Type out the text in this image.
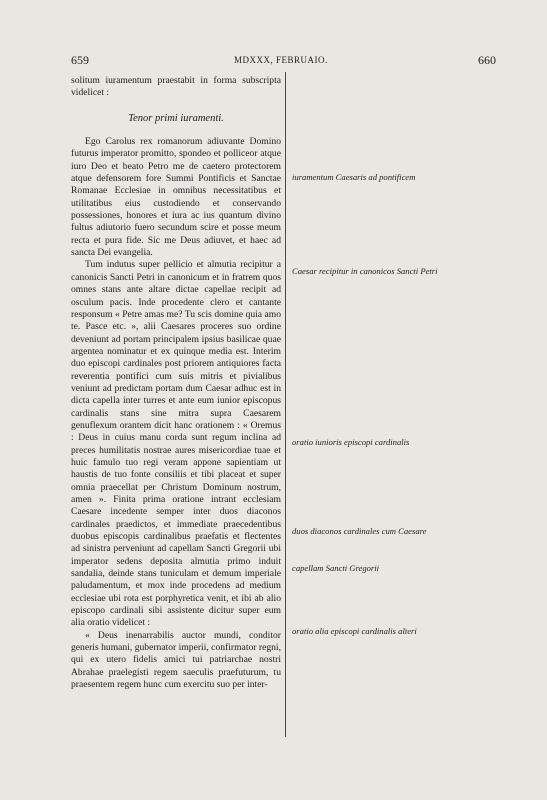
659	MDXXX, FEBRUAIO.	660

solitum iuramentum praestabit in forma subscripta videlicet :

Tenor primi iuramenti.

Ego Carolus rex romanorum adiuvante Domino futurus imperator promitto, spondeo et polliceor atque iuro Deo et beato Petro me de caetero protectorem atque defensorem fore Summi Pontificis et Sanctae Romanae Ecclesiae in omnibus necessitatibus et utilitatibus eius custodiendo et conservando possessiones, honores et iura ac ius quantum divino fultus adiutorio fuero secundum scire et posse meum recta et pura fide. Sic me Deus adiuvet, et haec ad sancta Dei evangelia.

Tum indutus super pellicio et almutia recipitur a canonicis Sancti Petri in canonicum et in fratrem quos omnes stans ante altare dictae capellae recipit ad osculum pacis. Inde procedente clero et cantante responsum « Petre amas me? Tu scis domine quia amo te. Pasce etc. », alii Caesares proceres suo ordine deveniunt ad portam principalem ipsius basilicae quae argentea nominatur et ex quinque media est. Interim duo episcopi cardinales post priorem antiquiores facta reverentia pontifici cum suis mitris et pivialibus veniunt ad predictam portam dum Caesar adhuc est in dicta capella inter turres et ante eum iunior episcopus cardinalis stans sine mitra supra Caesarem genuflexum orantem dicit hanc orationem : « Oremus : Deus in cuius manu corda sunt regum inclina ad preces humilitatis nostrae aures misericordiae tuae et huic famulo tuo regi veram appone sapientiam ut haustis de tuo fonte consiliis et tibi placeat et super omnia praecellat per Christum Dominum nostrum, amen ». Finita prima oratione intrant ecclesiam Caesare incedente semper inter duos diaconos cardinales praedictos, et immediate praecedentibus duobus episcopis cardinalibus praefatis et flectentes ad sinistra perveniunt ad capellam Sancti Gregorii ubi imperator sedens deposita almutia primo induit sandalia, deinde stans tuniculam et demum imperiale paludamentum, et mox inde procedens ad medium ecclesiae ubi rota est porphyretica venit, et ibi ab alio episcopo cardinali sibi assistente dicitur super eum alia oratio videlicet :

« Deus inenarrabilis auctor mundi, conditor generis humani, gubernator imperii, confirmator regni, qui ex utero fidelis amici tui patriarchae nostri Abrahae praelegisti regem saeculis praefuturum, tu praesentem regem hunc cum exercitu suo per inter-

iuramentum Caesaris ad pontificem
Caesar recipitur in canonicos Sancti Petri
oratio iunioris episcopi cardinalis
duos diaconos cardinales cum Caesare
capellam Sancti Gregorii
oratio alia episcopi cardinalis alteri
